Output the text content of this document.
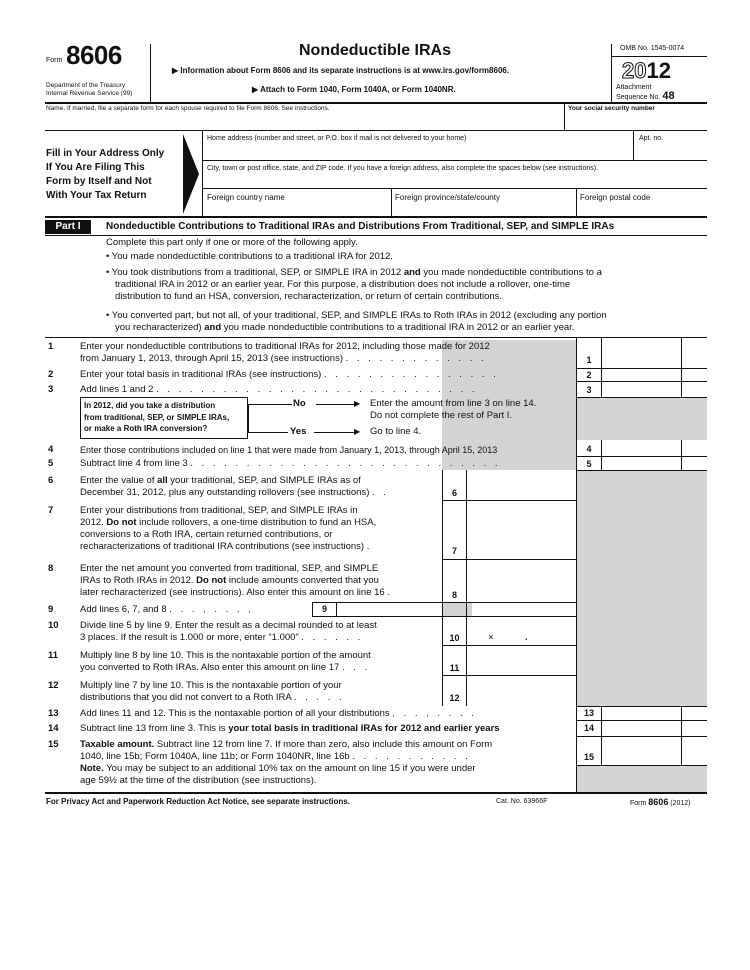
Form 8606
Department of the Treasury
Internal Revenue Service (99)
Nondeductible IRAs
▶ Information about Form 8606 and its separate instructions is at www.irs.gov/form8606.
▶ Attach to Form 1040, Form 1040A, or Form 1040NR.
OMB No. 1545-0074
2012
Attachment
Sequence No. 48
Name. If married, file a separate form for each spouse required to file Form 8606. See instructions.	Your social security number
Fill in Your Address Only
If You Are Filing This
Form by Itself and Not
With Your Tax Return
Home address (number and street, or P.O. box if mail is not delivered to your home)	Apt. no.
City, town or post office, state, and ZIP code. If you have a foreign address, also complete the spaces below (see instructions).
Foreign country name	Foreign province/state/county	Foreign postal code
Part I	Nondeductible Contributions to Traditional IRAs and Distributions From Traditional, SEP, and SIMPLE IRAs
Complete this part only if one or more of the following apply.
• You made nondeductible contributions to a traditional IRA for 2012.
• You took distributions from a traditional, SEP, or SIMPLE IRA in 2012 and you made nondeductible contributions to a
traditional IRA in 2012 or an earlier year. For this purpose, a distribution does not include a rollover, one-time
distribution to fund an HSA, conversion, recharacterization, or return of certain contributions.
• You converted part, but not all, of your traditional, SEP, and SIMPLE IRAs to Roth IRAs in 2012 (excluding any portion
you recharacterized) and you made nondeductible contributions to a traditional IRA in 2012 or an earlier year.
1
2
3
4
5
6
7
8
9
10
11
12
13
14
15
1	Enter your nondeductible contributions to traditional IRAs for 2012, including those made for 2012
from January 1, 2013, through April 15, 2013 (see instructions) . . . . . . . . . . . . .
2	Enter your total basis in traditional IRAs (see instructions) . . . . . . . . . . . . . . . .
3	Add lines 1 and 2 . . . . . . . . . . . . . . . . . . . . . . . . . . . . .
In 2012, did you take a distribution
from traditional, SEP, or SIMPLE IRAs,
or make a Roth IRA conversion?
No	▶ Enter the amount from line 3 on line 14.
Do not complete the rest of Part I.
Yes	▶ Go to line 4.
4	Enter those contributions included on line 1 that were made from January 1, 2013, through April 15, 2013
5	Subtract line 4 from line 3 . . . . . . . . . . . . . . . . . . . . . . . . . . . .
6	Enter the value of all your traditional, SEP, and SIMPLE IRAs as of
December 31, 2012, plus any outstanding rollovers (see instructions) . .
7	Enter your distributions from traditional, SEP, and SIMPLE IRAs in
2012. Do not include rollovers, a one-time distribution to fund an HSA,
conversions to a Roth IRA, certain returned contributions, or
recharacterizations of traditional IRA contributions (see instructions) .
8	Enter the net amount you converted from traditional, SEP, and SIMPLE
IRAs to Roth IRAs in 2012. Do not include amounts converted that you
later recharacterized (see instructions). Also enter this amount on line 16 .
9	Add lines 6, 7, and 8 . . . . . . . .
10	Divide line 5 by line 9. Enter the result as a decimal rounded to at least
3 places. If the result is 1.000 or more, enter “1.000” . . . . . .	×	.
11	Multiply line 8 by line 10. This is the nontaxable portion of the amount
you converted to Roth IRAs. Also enter this amount on line 17 . . .
12	Multiply line 7 by line 10. This is the nontaxable portion of your
distributions that you did not convert to a Roth IRA . . . . .
13	Add lines 11 and 12. This is the nontaxable portion of all your distributions . . . . . . . .
14	Subtract line 13 from line 3. This is your total basis in traditional IRAs for 2012 and earlier years
15	Taxable amount. Subtract line 12 from line 7. If more than zero, also include this amount on Form
1040, line 15b; Form 1040A, line 11b; or Form 1040NR, line 16b . . . . . . . . . . .
Note. You may be subject to an additional 10% tax on the amount on line 15 if you were under
age 59½ at the time of the distribution (see instructions).
For Privacy Act and Paperwork Reduction Act Notice, see separate instructions.	Cat. No. 63966F	Form 8606 (2012)
